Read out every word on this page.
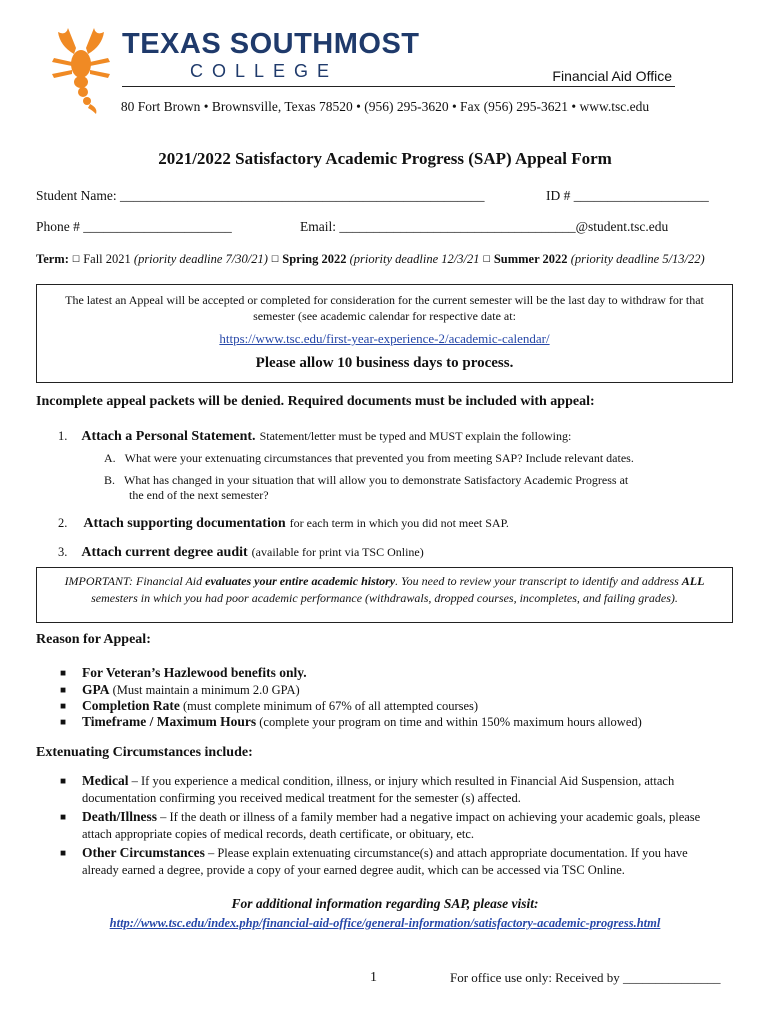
TEXAS SOUTHMOST
COLLEGE	Financial Aid Office
80 Fort Brown • Brownsville, Texas 78520 • (956) 295-3620 • Fax (956) 295-3621 • www.tsc.edu
2021/2022 Satisfactory Academic Progress (SAP) Appeal Form
Student Name: ______________________________________________________	ID # ____________________
Phone # ______________________	Email: ___________________________________@student.tsc.edu
Term: ☐ Fall 2021 (priority deadline 7/30/21) ☐ Spring 2022 (priority deadline 12/3/21 ☐ Summer 2022 (priority deadline 5/13/22)
The latest an Appeal will be accepted or completed for consideration for the current semester will be the last day to withdraw for that semester (see academic calendar for respective date at:
https://www.tsc.edu/first-year-experience-2/academic-calendar/
Please allow 10 business days to process.
Incomplete appeal packets will be denied. Required documents must be included with appeal:
1. Attach a Personal Statement. Statement/letter must be typed and MUST explain the following:
A. What were your extenuating circumstances that prevented you from meeting SAP? Include relevant dates.
B. What has changed in your situation that will allow you to demonstrate Satisfactory Academic Progress at
the end of the next semester?
2. Attach supporting documentation for each term in which you did not meet SAP.
3. Attach current degree audit (available for print via TSC Online)
IMPORTANT: Financial Aid evaluates your entire academic history. You need to review your transcript to identify and address ALL
semesters in which you had poor academic performance (withdrawals, dropped courses, incompletes, and failing grades).
Reason for Appeal:
■ For Veteran’s Hazlewood benefits only.
■ GPA (Must maintain a minimum 2.0 GPA)
■ Completion Rate (must complete minimum of 67% of all attempted courses)
■ Timeframe / Maximum Hours (complete your program on time and within 150% maximum hours allowed)
Extenuating Circumstances include:
■ Medical – If you experience a medical condition, illness, or injury which resulted in Financial Aid Suspension, attach
documentation confirming you received medical treatment for the semester (s) affected.
■ Death/Illness – If the death or illness of a family member had a negative impact on achieving your academic goals, please
attach appropriate copies of medical records, death certificate, or obituary, etc.
■ Other Circumstances – Please explain extenuating circumstance(s) and attach appropriate documentation. If you have
already earned a degree, provide a copy of your earned degree audit, which can be accessed via TSC Online.
For additional information regarding SAP, please visit:
http://www.tsc.edu/index.php/financial-aid-office/general-information/satisfactory-academic-progress.html
1	For office use only: Received by _______________
